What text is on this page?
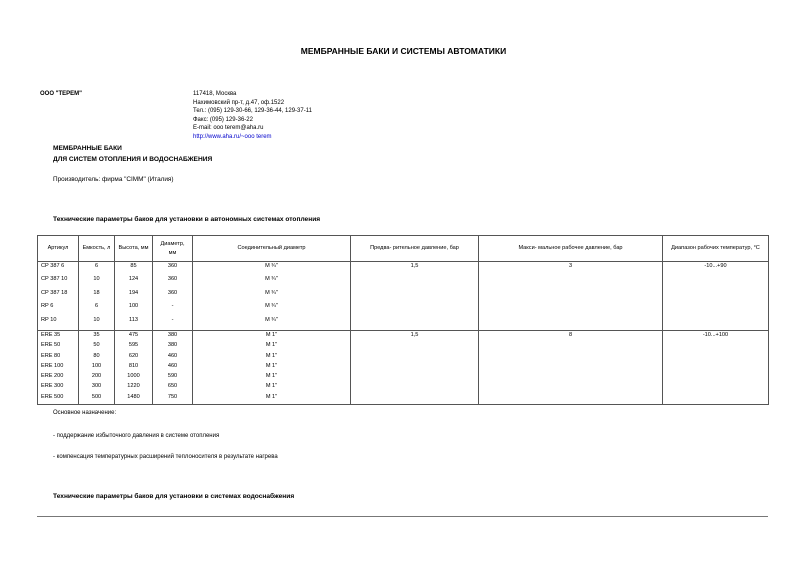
МЕМБРАННЫЕ БАКИ И СИСТЕМЫ АВТОМАТИКИ
ООО "ТЕРЕМ"	117418, Москва
Нахимовский пр-т, д.47, оф.1522
Тел.: (095) 129-30-66, 129-36-44, 129-37-11
Факс: (095) 129-36-22
E-mail: ooo terem@aha.ru
http://www.aha.ru/~ooo terem
МЕМБРАННЫЕ БАКИ
ДЛЯ СИСТЕМ ОТОПЛЕНИЯ И ВОДОСНАБЖЕНИЯ
Производитель: фирма "CIMM" (Италия)
Технические параметры баков для установки в автономных системах отопления
Артикул	Емкость, л	Высота, мм	Диаметр, мм	Соединительный диаметр	Предва- рительное давление, бар	Макси- мальное рабочее давление, бар	Диапазон рабочих температур, °С
CP 387 6	6	85	360	M ¾"	1,5	3	-10...+90
CP 387 10	10	124	360	M ¾"			
CP 387 18	18	194	360	M ¾"			
RP 6	6	100	-	M ¾"			
RP 10	10	113	-	M ¾"			
ERE 35	35	475	380	M 1"	1,5	8	-10...+100
ERE 50	50	595	380	M 1"			
ERE 80	80	620	460	M 1"			
ERE 100	100	810	460	M 1"			
ERE 200	200	1000	590	M 1"			
ERE 300	300	1220	650	M 1"			
ERE 500	500	1480	750	M 1"			
Основное назначение:
- поддержание избыточного давления в системе отопления
- компенсация температурных расширений теплоносителя в результате нагрева
Технические параметры баков для установки в системах водоснабжения
